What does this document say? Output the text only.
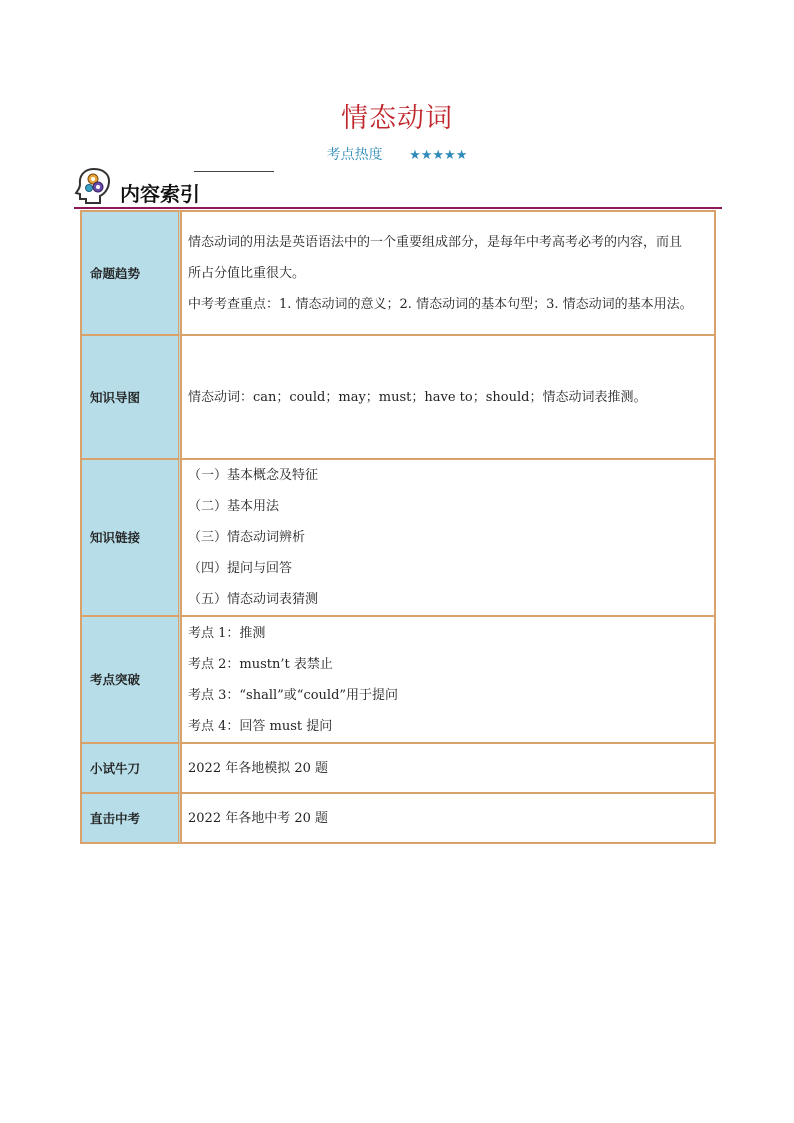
情态动词
考点热度 ★★★★★
内容索引
命题趋势	情态动词的用法是英语语法中的一个重要组成部分，是每年中考高考必考的内容，而且
所占分值比重很大。
中考考查重点：1. 情态动词的意义；2. 情态动词的基本句型；3. 情态动词的基本用法。

知识导图	情态动词：can；could；may；must；have to；should；情态动词表推测。

知识链接	（一）基本概念及特征
（二）基本用法
（三）情态动词辨析
（四）提问与回答
（五）情态动词表猜测

考点突破	考点 1：推测
考点 2：mustn’t 表禁止
考点 3：“shall”或“could”用于提问
考点 4：回答 must 提问

小试牛刀	2022 年各地模拟 20 题

直击中考	2022 年各地中考 20 题
